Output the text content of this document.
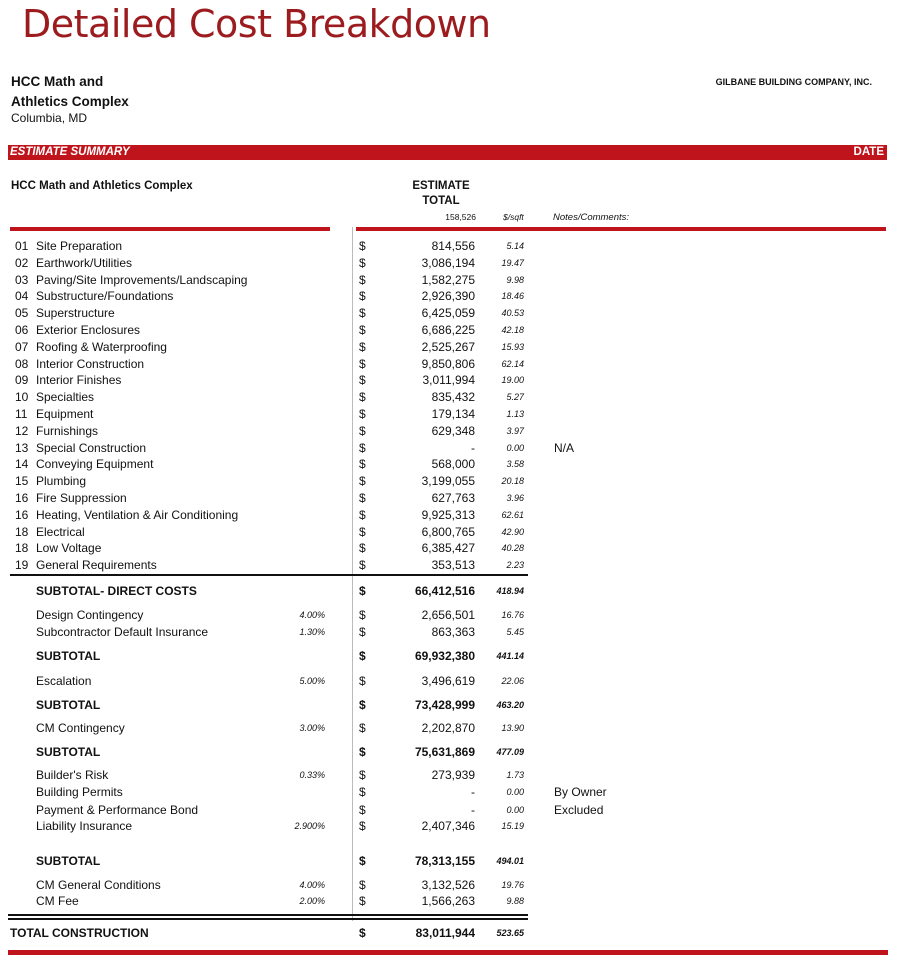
Detailed Cost Breakdown
HCC Math and
Athletics Complex
Columbia, MD
GILBANE BUILDING COMPANY, INC.
ESTIMATE SUMMARY	DATE
HCC Math and Athletics Complex	ESTIMATE
TOTAL
158,526	$/sqft	Notes/Comments:
01 Site Preparation	$	814,556	5.14
02 Earthwork/Utilities	$	3,086,194	19.47
03 Paving/Site Improvements/Landscaping	$	1,582,275	9.98
04 Substructure/Foundations	$	2,926,390	18.46
05 Superstructure	$	6,425,059	40.53
06 Exterior Enclosures	$	6,686,225	42.18
07 Roofing & Waterproofing	$	2,525,267	15.93
08 Interior Construction	$	9,850,806	62.14
09 Interior Finishes	$	3,011,994	19.00
10 Specialties	$	835,432	5.27
11 Equipment	$	179,134	1.13
12 Furnishings	$	629,348	3.97
13 Special Construction	$	-	0.00	N/A
14 Conveying Equipment	$	568,000	3.58
15 Plumbing	$	3,199,055	20.18
16 Fire Suppression	$	627,763	3.96
16 Heating, Ventilation & Air Conditioning	$	9,925,313	62.61
18 Electrical	$	6,800,765	42.90
18 Low Voltage	$	6,385,427	40.28
19 General Requirements	$	353,513	2.23
SUBTOTAL- DIRECT COSTS	$	66,412,516	418.94
Design Contingency	4.00%	$	2,656,501	16.76
Subcontractor Default Insurance	1.30%	$	863,363	5.45
SUBTOTAL	$	69,932,380	441.14
Escalation	5.00%	$	3,496,619	22.06
SUBTOTAL	$	73,428,999	463.20
CM Contingency	3.00%	$	2,202,870	13.90
SUBTOTAL	$	75,631,869	477.09
Builder's Risk	0.33%	$	273,939	1.73
Building Permits	$	-	0.00	By Owner
Payment & Performance Bond	$	-	0.00	Excluded
Liability Insurance	2.900%	$	2,407,346	15.19
SUBTOTAL	$	78,313,155	494.01
CM General Conditions	4.00%	$	3,132,526	19.76
CM Fee	2.00%	$	1,566,263	9.88
TOTAL CONSTRUCTION	$	83,011,944	523.65
